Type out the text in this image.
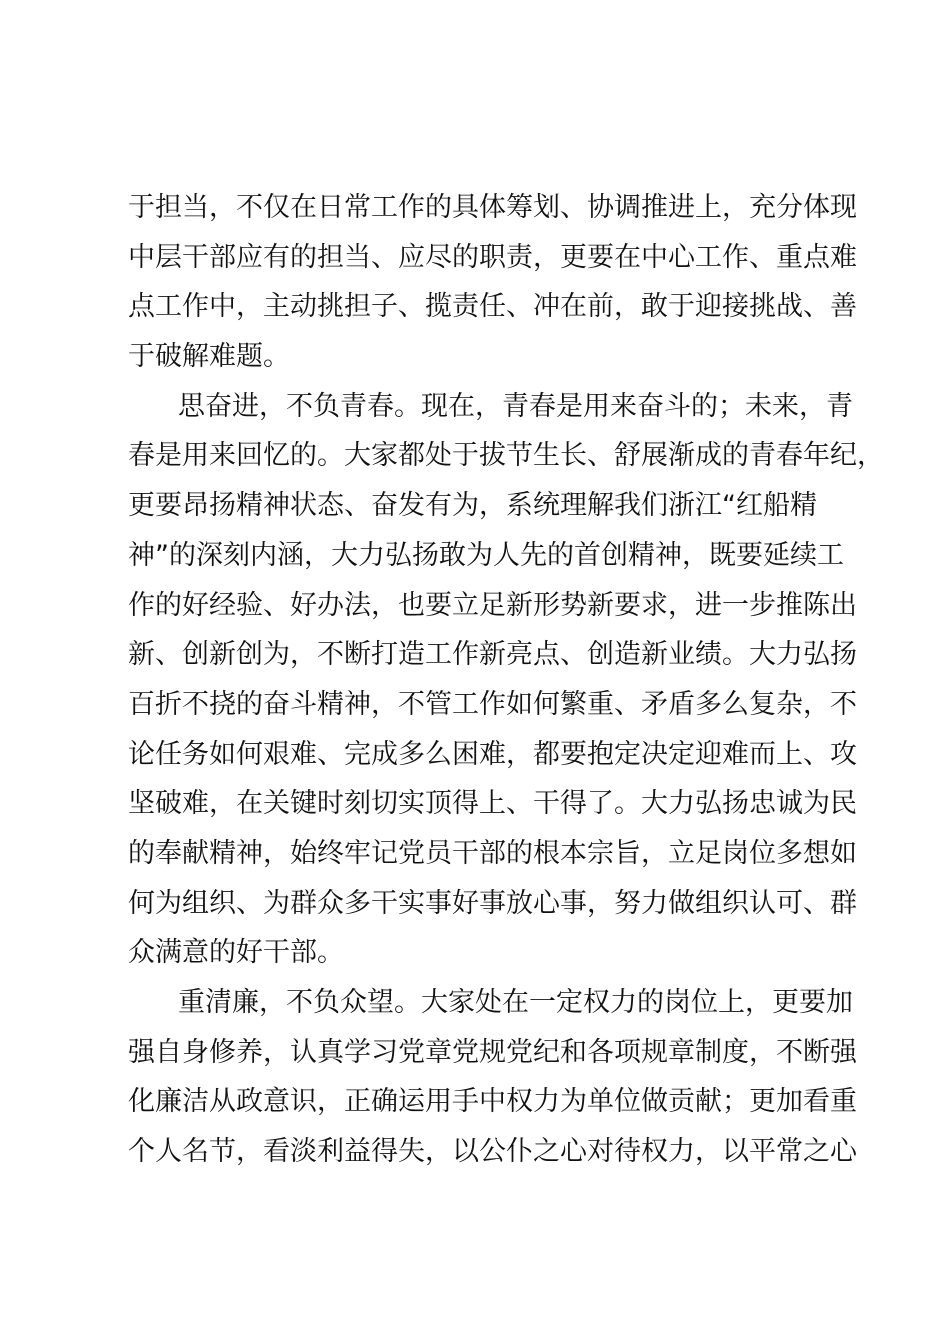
于担当，不仅在日常工作的具体筹划、协调推进上，充分体现
中层干部应有的担当、应尽的职责，更要在中心工作、重点难
点工作中，主动挑担子、揽责任、冲在前，敢于迎接挑战、善
于破解难题。
思奋进，不负青春。现在，青春是用来奋斗的；未来，青
春是用来回忆的。大家都处于拔节生长、舒展渐成的青春年纪，
更要昂扬精神状态、奋发有为，系统理解我们浙江“红船精
神”的深刻内涵，大力弘扬敢为人先的首创精神，既要延续工
作的好经验、好办法，也要立足新形势新要求，进一步推陈出
新、创新创为，不断打造工作新亮点、创造新业绩。大力弘扬
百折不挠的奋斗精神，不管工作如何繁重、矛盾多么复杂，不
论任务如何艰难、完成多么困难，都要抱定决定迎难而上、攻
坚破难，在关键时刻切实顶得上、干得了。大力弘扬忠诚为民
的奉献精神，始终牢记党员干部的根本宗旨，立足岗位多想如
何为组织、为群众多干实事好事放心事，努力做组织认可、群
众满意的好干部。
重清廉，不负众望。大家处在一定权力的岗位上，更要加
强自身修养，认真学习党章党规党纪和各项规章制度，不断强
化廉洁从政意识，正确运用手中权力为单位做贡献；更加看重
个人名节，看淡利益得失，以公仆之心对待权力，以平常之心
